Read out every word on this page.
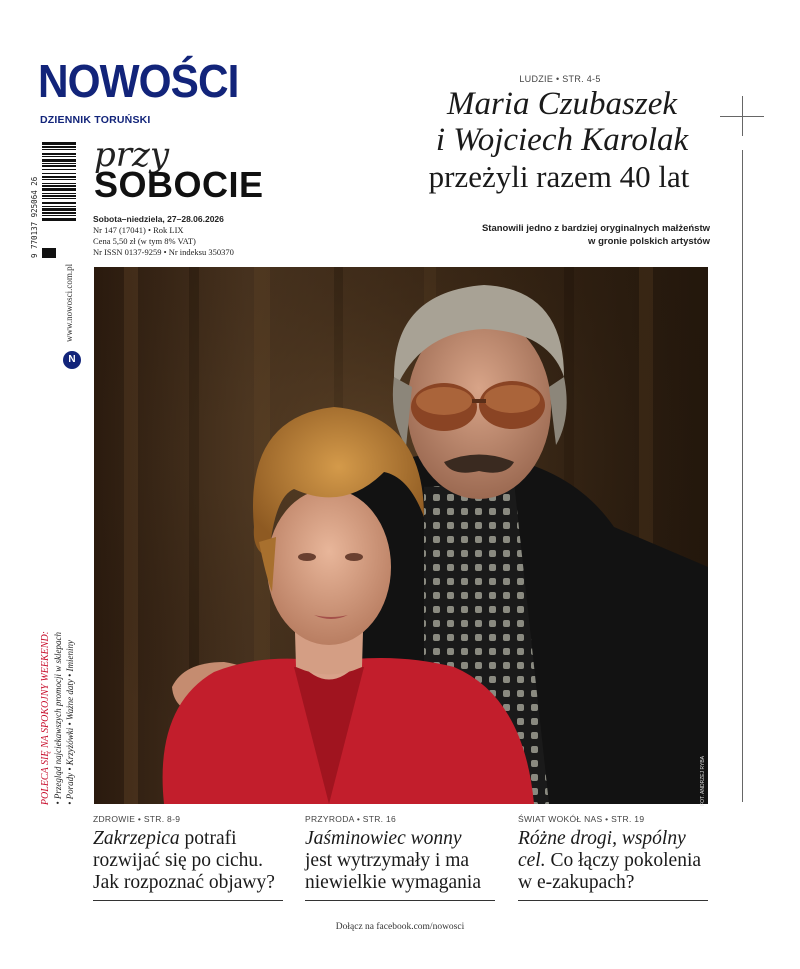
NOWOŚCI
DZIENNIK TORUŃSKI
9 770137 925064 26
www.nowosci.com.pl
N
przy
SOBOCIE
Sobota–niedziela, 27–28.06.2026
Nr 147 (17041) • Rok LIX
Cena 5,50 zł (w tym 8% VAT)
Nr ISSN 0137-9259 • Nr indeksu 350370
LUDZIE • STR. 4-5
Maria Czubaszek
i Wojciech Karolak
przeżyli razem 40 lat
Stanowili jedno z bardziej oryginalnych małżeństw
w gronie polskich artystów
FOT. ANDRZEJ RYBA
POLECA SIĘ NA SPOKOJNY WEEKEND: • Przegląd najciekawszych promocji w sklepach • Porady • Krzyżówki • Ważne daty • Imieniny
ZDROWIE • STR. 8-9
Zakrzepica potrafi
rozwijać się po cichu.
Jak rozpoznać objawy?
PRZYRODA • STR. 16
Jaśminowiec wonny
jest wytrzymały i ma
niewielkie wymagania
ŚWIAT WOKÓŁ NAS • STR. 19
Różne drogi, wspólny
cel. Co łączy pokolenia
w e-zakupach?
Dołącz na facebook.com/nowosci
